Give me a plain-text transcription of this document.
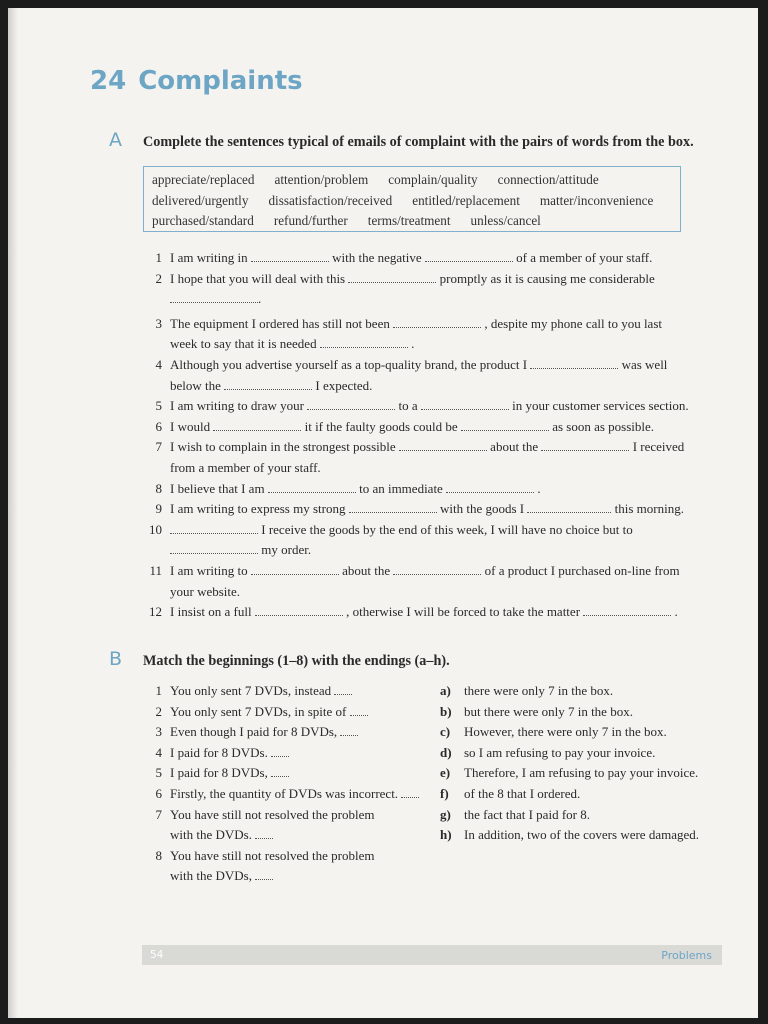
24 Complaints
A Complete the sentences typical of emails of complaint with the pairs of words from the box.
appreciate/replaced attention/problem complain/quality connection/attitude
delivered/urgently dissatisfaction/received entitled/replacement matter/inconvenience
purchased/standard refund/further terms/treatment unless/cancel
1 I am writing in	with the negative	of a member of your staff.
2 I hope that you will deal with this	promptly as it is causing me considerable
.
3 The equipment I ordered has still not been	, despite my phone call to you last
week to say that it is needed	.
4 Although you advertise yourself as a top-quality brand, the product I	was well
below the	I expected.
5 I am writing to draw your	to a	in your customer services section.
6 I would	it if the faulty goods could be	as soon as possible.
7 I wish to complain in the strongest possible	about the	I received
from a member of your staff.
8 I believe that I am	to an immediate	.
9 I am writing to express my strong	with the goods I	this morning.
10	I receive the goods by the end of this week, I will have no choice but to
my order.
11 I am writing to	about the	of a product I purchased on-line from
your website.
12 I insist on a full	, otherwise I will be forced to take the matter	.
B Match the beginnings (1–8) with the endings (a–h).
1 You only sent 7 DVDs, instead
2 You only sent 7 DVDs, in spite of
3 Even though I paid for 8 DVDs,
4 I paid for 8 DVDs.
5 I paid for 8 DVDs,
6 Firstly, the quantity of DVDs was incorrect.
7 You have still not resolved the problem
with the DVDs.
8 You have still not resolved the problem
with the DVDs,
a)	there were only 7 in the box.
b) but there were only 7 in the box.
c)	However, there were only 7 in the box.
d) so I am refusing to pay your invoice.
e)	Therefore, I am refusing to pay your invoice.
f)	of the 8 that I ordered.
g)	the fact that I paid for 8.
h) In addition, two of the covers were damaged.
54	Problems
